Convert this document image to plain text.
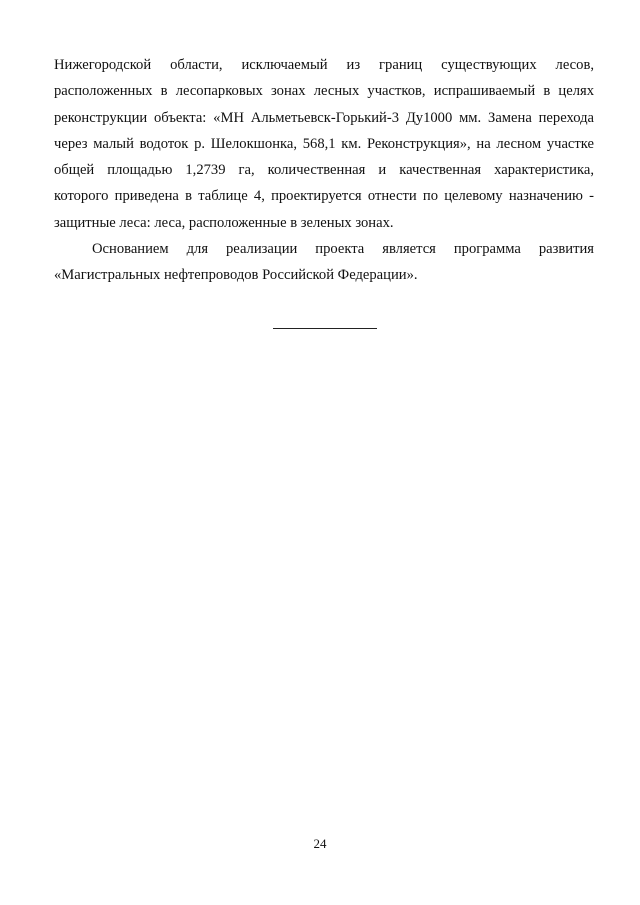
Нижегородской области, исключаемый из границ существующих лесов,
расположенных в лесопарковых зонах лесных участков, испрашиваемый в целях
реконструкции объекта: «МН Альметьевск-Горький-3 Ду1000 мм. Замена перехода
через малый водоток р. Шелокшонка, 568,1 км. Реконструкция», на лесном участке
общей площадью 1,2739 га, количественная и качественная характеристика,
которого приведена в таблице 4, проектируется отнести по целевому назначению -
защитные леса: леса, расположенные в зеленых зонах.
Основанием для реализации проекта является программа развития
«Магистральных нефтепроводов Российской Федерации».
24
